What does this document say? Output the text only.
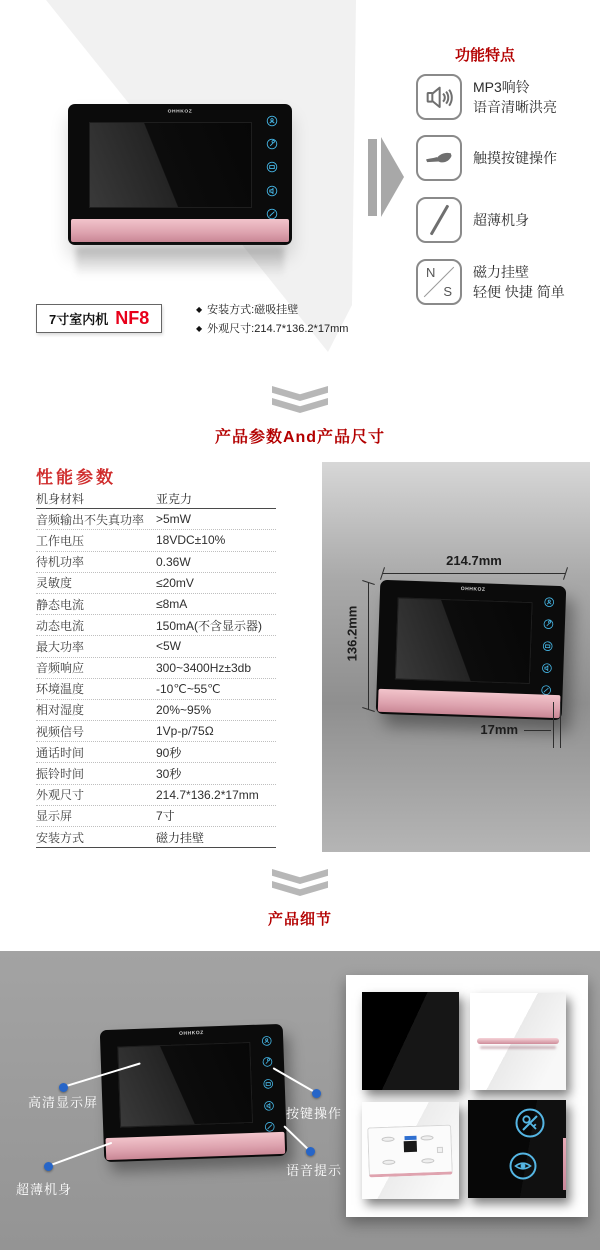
OHHKOZ
7寸室内机 NF8	◆ 安装方式:磁吸挂壁
◆ 外观尺寸:214.7*136.2*17mm
功能特点
MP3响铃
语音清晰洪亮
触摸按键操作
超薄机身
N
S
磁力挂壁
轻便 快捷 简单
产品参数And产品尺寸
性能参数
机身材料	亚克力
音频输出不失真功率 >5mW
工作电压	18VDC±10%
待机功率	0.36W
灵敏度	≤20mV
静态电流	≤8mA
动态电流	150mA(不含显示器)
最大功率	<5W
音频响应	300~3400Hz±3db
环境温度	-10℃~55℃
相对湿度	20%~95%
视频信号	1Vp-p/75Ω
通话时间	90秒
振铃时间	30秒
外观尺寸	214.7*136.2*17mm
显示屏	7寸
安装方式	磁力挂壁
OHHKOZ
214.7mm
136.2mm
17mm
产品细节
OHHKOZ
高清显示屏
超薄机身
按键操作
语音提示
